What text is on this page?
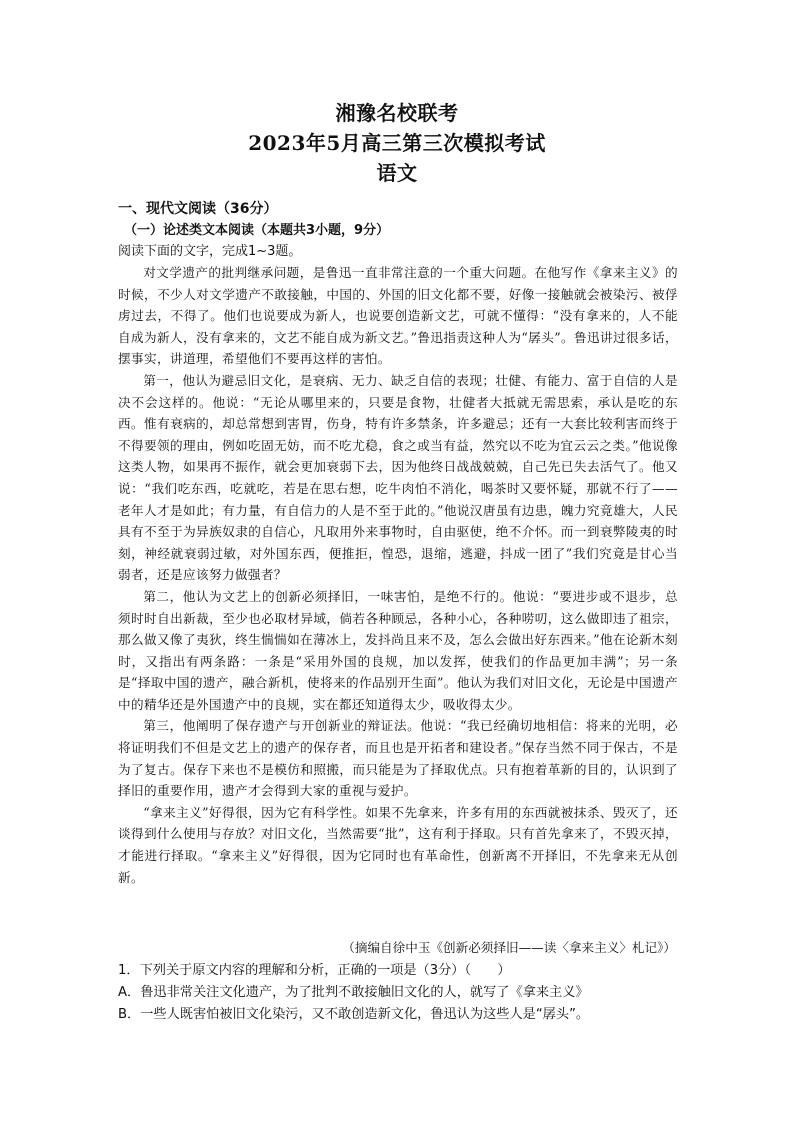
湘豫名校联考
2023年5月高三第三次模拟考试
语文
一、现代文阅读（36分）
（一）论述类文本阅读（本题共3小题，9分）
阅读下面的文字，完成1~3题。

对文学遗产的批判继承问题，是鲁迅一直非常注意的一个重大问题。在他写作《拿来主义》的时候，不少人对文学遗产不敢接触，中国的、外国的旧文化都不要，好像一接触就会被染污、被俘虏过去，不得了。他们也说要成为新人，也说要创造新文艺，可就不懂得：“没有拿来的，人不能自成为新人，没有拿来的，文艺不能自成为新文艺。”鲁迅指责这种人为“孱头”。鲁迅讲过很多话，摆事实，讲道理，希望他们不要再这样的害怕。

第一，他认为避忌旧文化，是衰病、无力、缺乏自信的表现；壮健、有能力、富于自信的人是决不会这样的。他说：“无论从哪里来的，只要是食物，壮健者大抵就无需思索，承认是吃的东西。惟有衰病的，却总常想到害胃，伤身，特有许多禁条，许多避忌；还有一大套比较利害而终于不得要领的理由，例如吃固无妨，而不吃尤稳，食之或当有益，然究以不吃为宜云云之类。”他说像这类人物，如果再不振作，就会更加衰弱下去，因为他终日战战兢兢，自己先已失去活气了。他又说：“我们吃东西，吃就吃，若是在思右想，吃牛肉怕不消化，喝茶时又要怀疑，那就不行了——老年人才是如此；有力量，有自信力的人是不至于此的。”他说汉唐虽有边患，魄力究竟雄大，人民具有不至于为异族奴隶的自信心，凡取用外来事物时，自由驱使，绝不介怀。而一到衰弊陵夷的时刻，神经就衰弱过敏，对外国东西，便推拒，惶恐，退缩，逃避，抖成一团了”我们究竟是甘心当弱者，还是应该努力做强者？

第二，他认为文艺上的创新必须择旧，一味害怕，是绝不行的。他说：“要进步或不退步，总须时时自出新裁，至少也必取材异域，倘若各种顾忌，各种小心，各种唠叨，这么做即违了祖宗，那么做又像了夷狄，终生惴惴如在薄冰上，发抖尚且来不及，怎么会做出好东西来。”他在论新木刻时，又指出有两条路：一条是“采用外国的良规，加以发挥，使我们的作品更加丰满”；另一条是“择取中国的遗产，融合新机，使将来的作品别开生面”。他认为我们对旧文化，无论是中国遗产中的精华还是外国遗产中的良规，实在都还知道得太少，吸收得太少。

第三，他阐明了保存遗产与开创新业的辩证法。他说：“我已经确切地相信：将来的光明，必将证明我们不但是文艺上的遗产的保存者，而且也是开拓者和建设者。”保存当然不同于保古，不是为了复古。保存下来也不是模仿和照搬，而只能是为了择取优点。只有抱着革新的目的，认识到了择旧的重要作用，遗产才会得到大家的重视与爱护。

“拿来主义”好得很，因为它有科学性。如果不先拿来，许多有用的东西就被抹杀、毁灭了，还谈得到什么使用与存放？对旧文化，当然需要“批”，这有利于择取。只有首先拿来了，不毁灭掉，才能进行择取。“拿来主义”好得很，因为它同时也有革命性，创新离不开择旧，不先拿来无从创新。

（摘编自徐中玉《创新必须择旧——读〈拿来主义〉札记》）
1．下列关于原文内容的理解和分析，正确的一项是（3分）（　　）
A．鲁迅非常关注文化遗产，为了批判不敢接触旧文化的人，就写了《拿来主义》
B．一些人既害怕被旧文化染污，又不敢创造新文化，鲁迅认为这些人是“孱头”。
